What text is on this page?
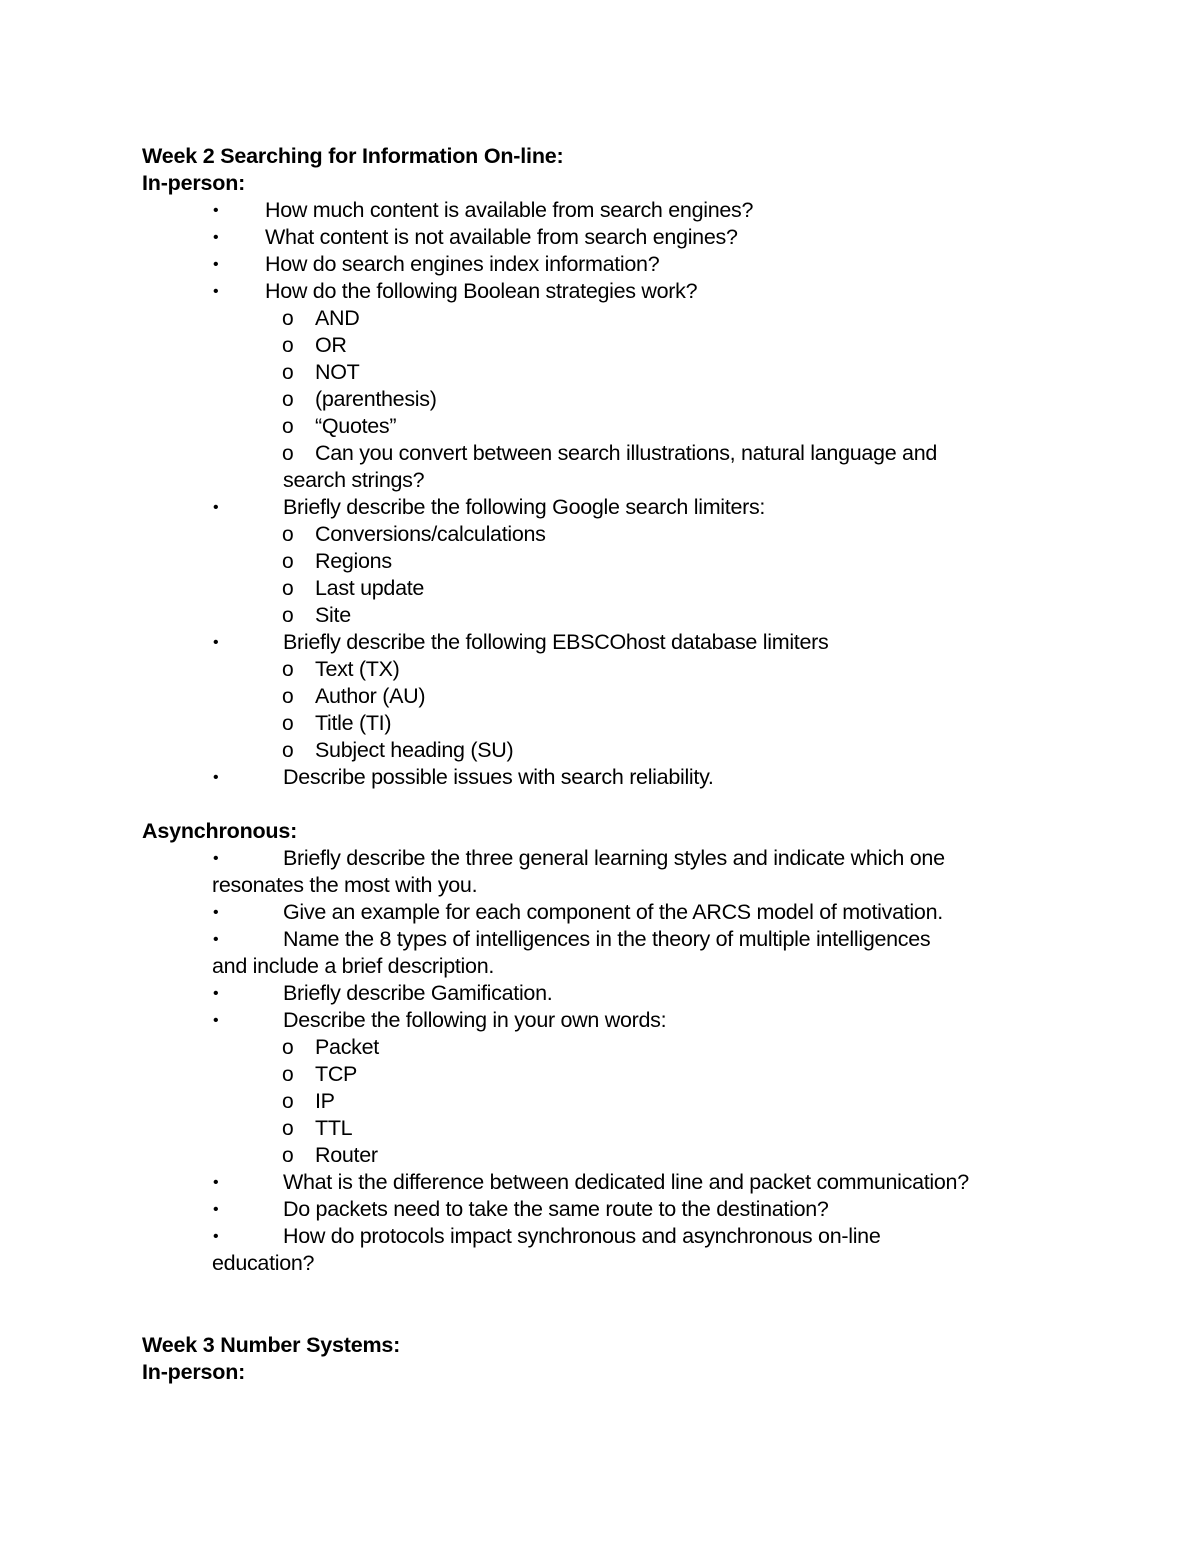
Week 2 Searching for Information On-line:
In-person:
• How much content is available from search engines?
• What content is not available from search engines?
• How do search engines index information?
• How do the following Boolean strategies work?
o AND
o OR
o NOT
o (parenthesis)
o “Quotes”
o Can you convert between search illustrations, natural language and
search strings?
•	Briefly describe the following Google search limiters:
o Conversions/calculations
o Regions
o Last update
o Site
•	Briefly describe the following EBSCOhost database limiters
o Text (TX)
o Author (AU)
o Title (TI)
o Subject heading (SU)
•	Describe possible issues with search reliability.
Asynchronous:
•	Briefly describe the three general learning styles and indicate which one
resonates the most with you.
•	Give an example for each component of the ARCS model of motivation.
•	Name the 8 types of intelligences in the theory of multiple intelligences
and include a brief description.
•	Briefly describe Gamification.
•	Describe the following in your own words:
o Packet
o TCP
o IP
o TTL
o Router
•	What is the difference between dedicated line and packet communication?
•	Do packets need to take the same route to the destination?
•	How do protocols impact synchronous and asynchronous on-line
education?
Week 3 Number Systems:
In-person:
